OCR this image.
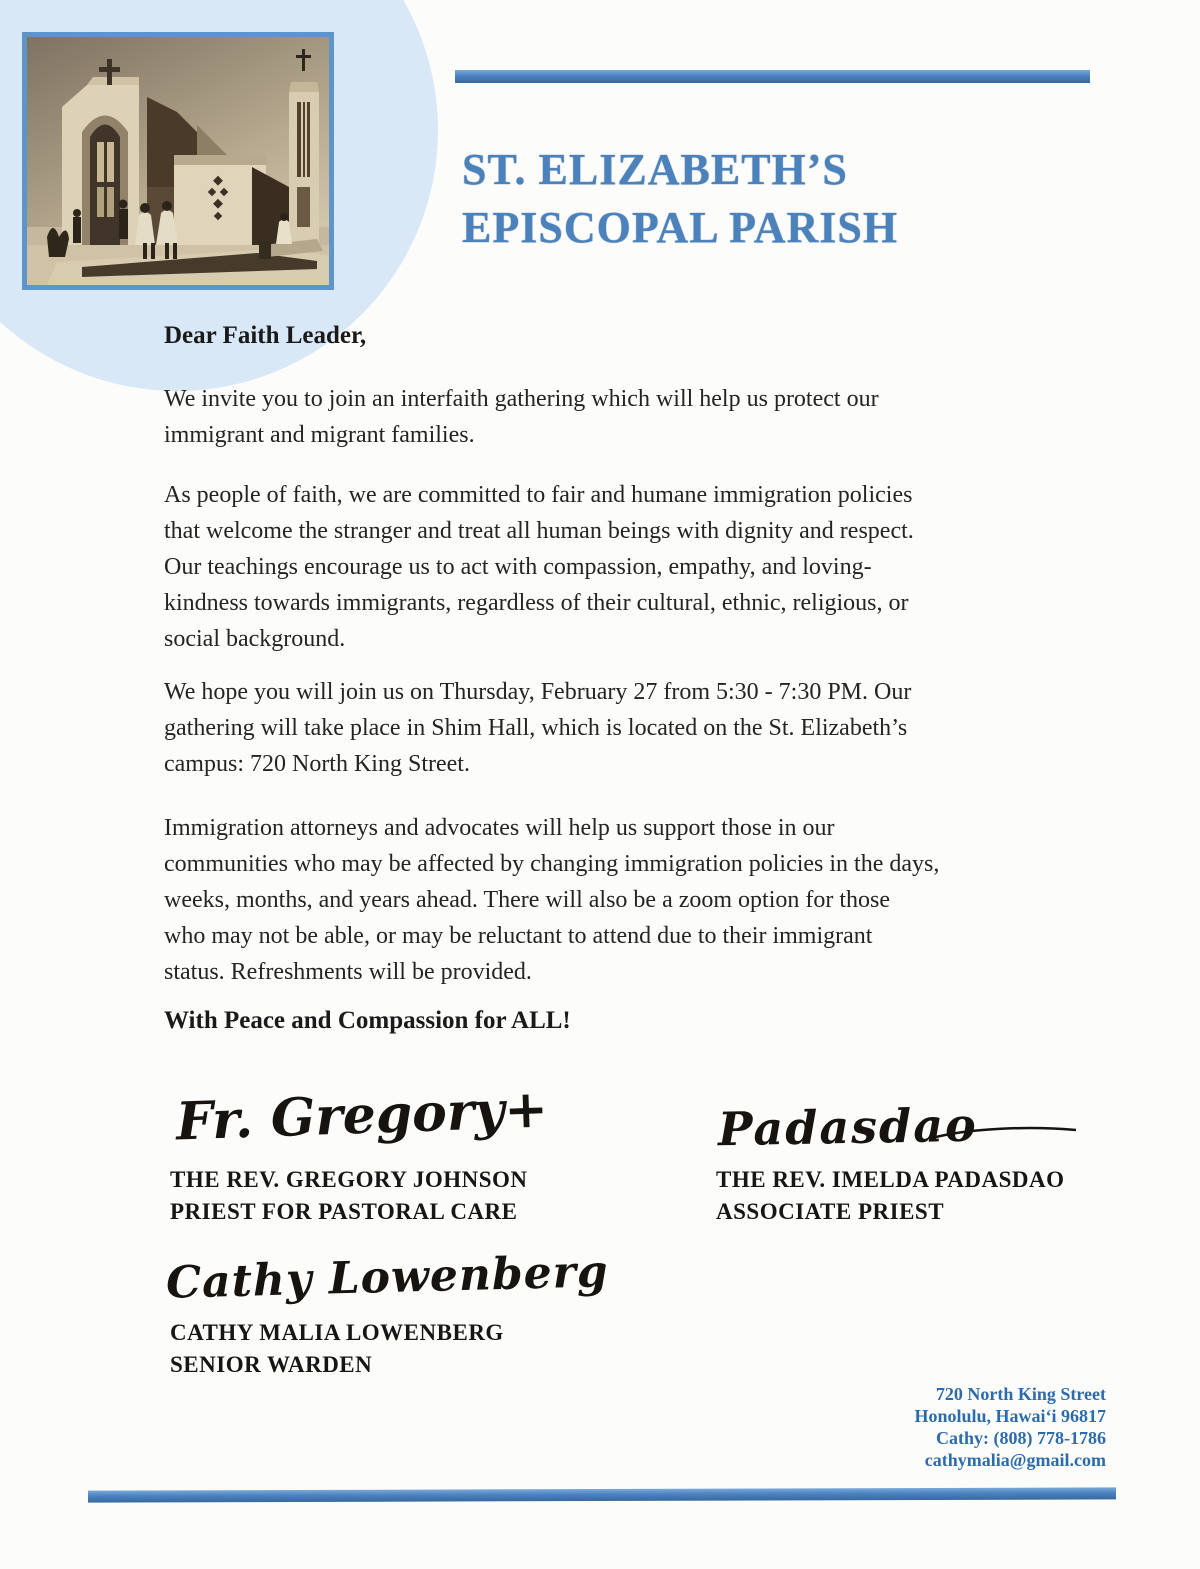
ST. ELIZABETH’S
EPISCOPAL PARISH
Dear Faith Leader,
We invite you to join an interfaith gathering which will help us protect our
immigrant and migrant families.
As people of faith, we are committed to fair and humane immigration policies
that welcome the stranger and treat all human beings with dignity and respect.
Our teachings encourage us to act with compassion, empathy, and loving-
kindness towards immigrants, regardless of their cultural, ethnic, religious, or
social background.
We hope you will join us on Thursday, February 27 from 5:30 - 7:30 PM. Our
gathering will take place in Shim Hall, which is located on the St. Elizabeth’s
campus: 720 North King Street.
Immigration attorneys and advocates will help us support those in our
communities who may be affected by changing immigration policies in the days,
weeks, months, and years ahead. There will also be a zoom option for those
who may not be able, or may be reluctant to attend due to their immigrant
status. Refreshments will be provided.
With Peace and Compassion for ALL!
Fr. Gregory+
THE REV. GREGORY JOHNSON
PRIEST FOR PASTORAL CARE
Padasdao
THE REV. IMELDA PADASDAO
ASSOCIATE PRIEST
Cathy Lowenberg
CATHY MALIA LOWENBERG
SENIOR WARDEN
720 North King Street
Honolulu, Hawaiʻi 96817
Cathy: (808) 778-1786
cathymalia@gmail.com
